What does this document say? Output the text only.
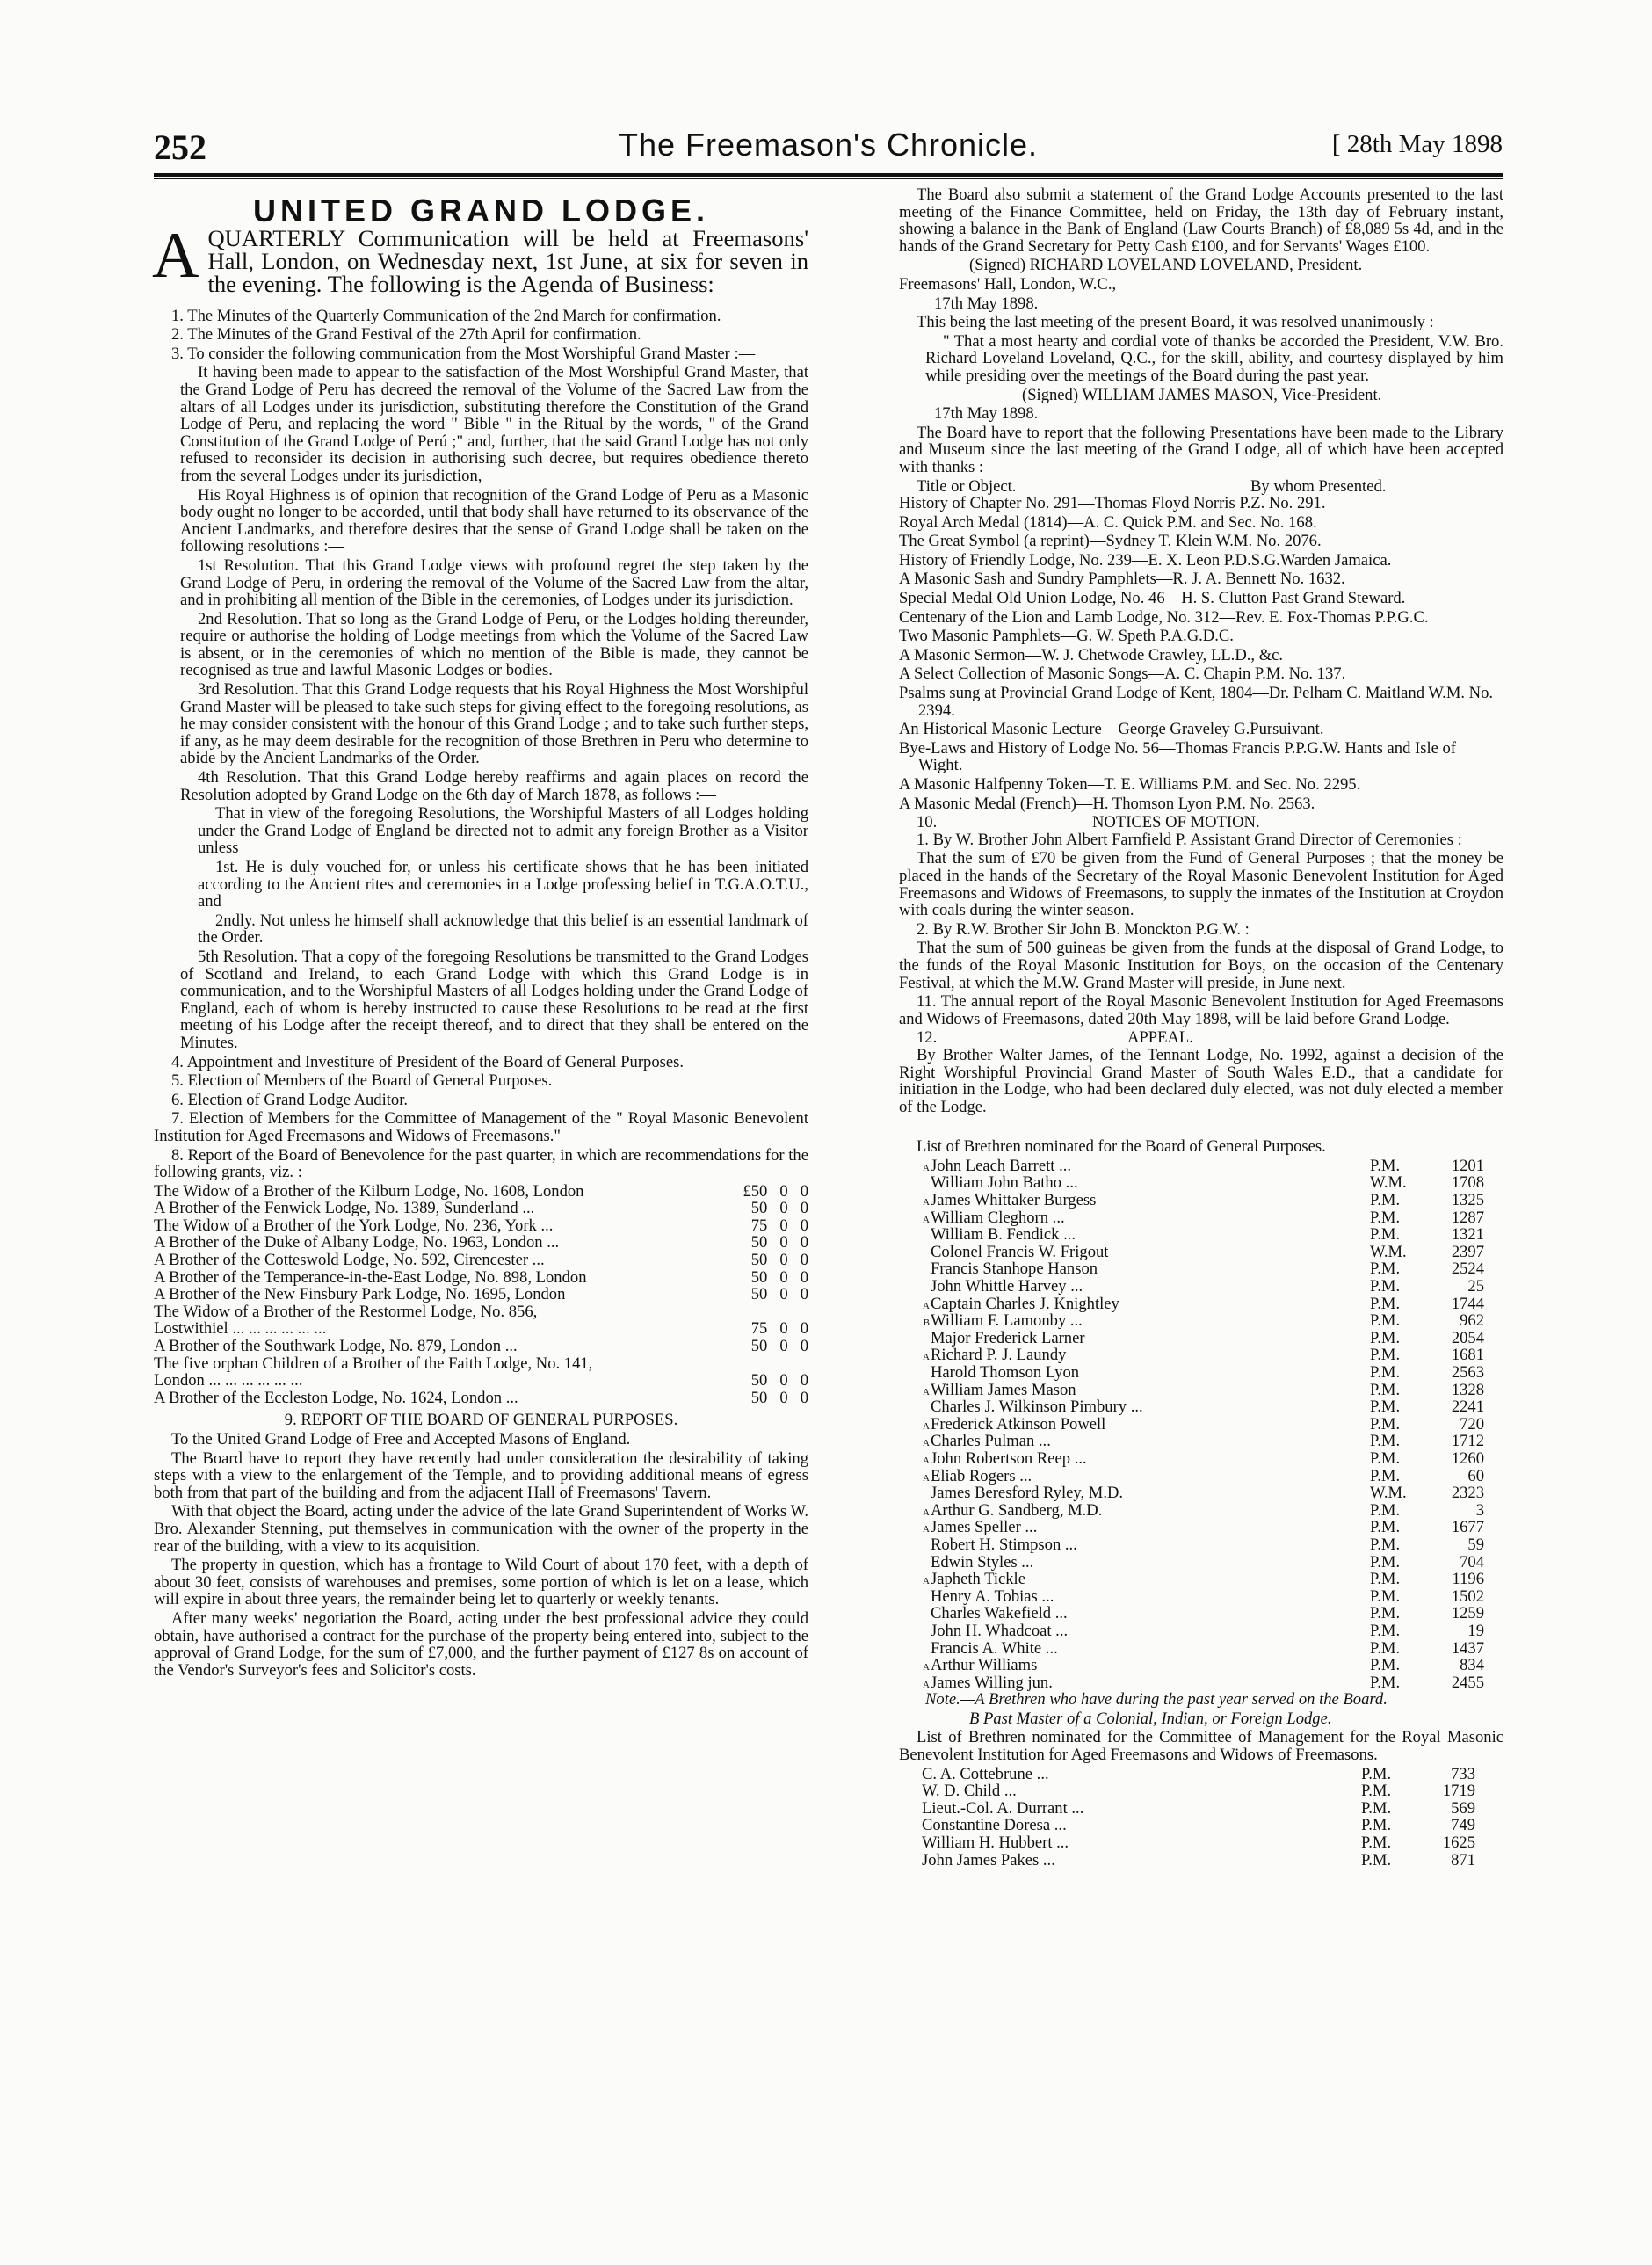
252	The Freemason's Chronicle.	[ 28th May 1898
UNITED GRAND LODGE.
AQUARTERLY Communication will be held at Freemasons' Hall, London, on Wednesday next, 1st June, at six for seven in the evening. The following is the Agenda of Business:

1. The Minutes of the Quarterly Communication of the 2nd March for confirmation.

2. The Minutes of the Grand Festival of the 27th April for confirmation.

3. To consider the following communication from the Most Worshipful Grand Master :—

It having been made to appear to the satisfaction of the Most Worshipful Grand Master, that the Grand Lodge of Peru has decreed the removal of the Volume of the Sacred Law from the altars of all Lodges under its jurisdiction, substituting therefore the Constitution of the Grand Lodge of Peru, and replacing the word " Bible " in the Ritual by the words, " of the Grand Constitution of the Grand Lodge of Perú ;" and, further, that the said Grand Lodge has not only refused to reconsider its decision in authorising such decree, but requires obedience thereto from the several Lodges under its jurisdiction,

His Royal Highness is of opinion that recognition of the Grand Lodge of Peru as a Masonic body ought no longer to be accorded, until that body shall have returned to its observance of the Ancient Landmarks, and therefore desires that the sense of Grand Lodge shall be taken on the following resolutions :—

1st Resolution. That this Grand Lodge views with profound regret the step taken by the Grand Lodge of Peru, in ordering the removal of the Volume of the Sacred Law from the altar, and in prohibiting all mention of the Bible in the ceremonies, of Lodges under its jurisdiction.

2nd Resolution. That so long as the Grand Lodge of Peru, or the Lodges holding thereunder, require or authorise the holding of Lodge meetings from which the Volume of the Sacred Law is absent, or in the ceremonies of which no mention of the Bible is made, they cannot be recognised as true and lawful Masonic Lodges or bodies.

3rd Resolution. That this Grand Lodge requests that his Royal Highness the Most Worshipful Grand Master will be pleased to take such steps for giving effect to the foregoing resolutions, as he may consider consistent with the honour of this Grand Lodge ; and to take such further steps, if any, as he may deem desirable for the recognition of those Brethren in Peru who determine to abide by the Ancient Landmarks of the Order.

4th Resolution. That this Grand Lodge hereby reaffirms and again places on record the Resolution adopted by Grand Lodge on the 6th day of March 1878, as follows :—

That in view of the foregoing Resolutions, the Worshipful Masters of all Lodges holding under the Grand Lodge of England be directed not to admit any foreign Brother as a Visitor unless

1st. He is duly vouched for, or unless his certificate shows that he has been initiated according to the Ancient rites and ceremonies in a Lodge professing belief in T.G.A.O.T.U., and

2ndly. Not unless he himself shall acknowledge that this belief is an essential landmark of the Order.

5th Resolution. That a copy of the foregoing Resolutions be transmitted to the Grand Lodges of Scotland and Ireland, to each Grand Lodge with which this Grand Lodge is in communication, and to the Worshipful Masters of all Lodges holding under the Grand Lodge of England, each of whom is hereby instructed to cause these Resolutions to be read at the first meeting of his Lodge after the receipt thereof, and to direct that they shall be entered on the Minutes.

4. Appointment and Investiture of President of the Board of General Purposes.

5. Election of Members of the Board of General Purposes.

6. Election of Grand Lodge Auditor.

7. Election of Members for the Committee of Management of the " Royal Masonic Benevolent Institution for Aged Freemasons and Widows of Freemasons."

8. Report of the Board of Benevolence for the past quarter, in which are recommendations for the following grants, viz. :

The Widow of a Brother of the Kilburn Lodge, No. 1608, London	£50 0 0
A Brother of the Fenwick Lodge, No. 1389, Sunderland ...	50 0 0
The Widow of a Brother of the York Lodge, No. 236, York ...	75 0 0
A Brother of the Duke of Albany Lodge, No. 1963, London ...	50 0 0
A Brother of the Cotteswold Lodge, No. 592, Cirencester ...	50 0 0
A Brother of the Temperance-in-the-East Lodge, No. 898, London	50 0 0
A Brother of the New Finsbury Park Lodge, No. 1695, London	50 0 0
The Widow of a Brother of the Restormel Lodge, No. 856,
Lostwithiel ... ... ... ... ... ...	75 0 0
A Brother of the Southwark Lodge, No. 879, London ...	50 0 0
The five orphan Children of a Brother of the Faith Lodge, No. 141,
London ... ... ... ... ... ...	50 0 0
A Brother of the Eccleston Lodge, No. 1624, London ...	50 0 0

9. REPORT OF THE BOARD OF GENERAL PURPOSES.

To the United Grand Lodge of Free and Accepted Masons of England.

The Board have to report they have recently had under consideration the desirability of taking steps with a view to the enlargement of the Temple, and to providing additional means of egress both from that part of the building and from the adjacent Hall of Freemasons' Tavern.

With that object the Board, acting under the advice of the late Grand Superintendent of Works W. Bro. Alexander Stenning, put themselves in communication with the owner of the property in the rear of the building, with a view to its acquisition.

The property in question, which has a frontage to Wild Court of about 170 feet, with a depth of about 30 feet, consists of warehouses and premises, some portion of which is let on a lease, which will expire in about three years, the remainder being let to quarterly or weekly tenants.

After many weeks' negotiation the Board, acting under the best professional advice they could obtain, have authorised a contract for the purchase of the property being entered into, subject to the approval of Grand Lodge, for the sum of £7,000, and the further payment of £127 8s on account of the Vendor's Surveyor's fees and Solicitor's costs.

The Board also submit a statement of the Grand Lodge Accounts presented to the last meeting of the Finance Committee, held on Friday, the 13th day of February instant, showing a balance in the Bank of England (Law Courts Branch) of £8,089 5s 4d, and in the hands of the Grand Secretary for Petty Cash £100, and for Servants' Wages £100.

(Signed) RICHARD LOVELAND LOVELAND, President.

Freemasons' Hall, London, W.C.,

17th May 1898.

This being the last meeting of the present Board, it was resolved unanimously :

" That a most hearty and cordial vote of thanks be accorded the President, V.W. Bro. Richard Loveland Loveland, Q.C., for the skill, ability, and courtesy displayed by him while presiding over the meetings of the Board during the past year.

(Signed) WILLIAM JAMES MASON, Vice-President.

17th May 1898.

The Board have to report that the following Presentations have been made to the Library and Museum since the last meeting of the Grand Lodge, all of which have been accepted with thanks :

Title or Object.	By whom Presented.

History of Chapter No. 291—Thomas Floyd Norris P.Z. No. 291.

Royal Arch Medal (1814)—A. C. Quick P.M. and Sec. No. 168.

The Great Symbol (a reprint)—Sydney T. Klein W.M. No. 2076.

History of Friendly Lodge, No. 239—E. X. Leon P.D.S.G.Warden Jamaica.

A Masonic Sash and Sundry Pamphlets—R. J. A. Bennett No. 1632.

Special Medal Old Union Lodge, No. 46—H. S. Clutton Past Grand Steward.

Centenary of the Lion and Lamb Lodge, No. 312—Rev. E. Fox-Thomas P.P.G.C.

Two Masonic Pamphlets—G. W. Speth P.A.G.D.C.

A Masonic Sermon—W. J. Chetwode Crawley, LL.D., &c.

A Select Collection of Masonic Songs—A. C. Chapin P.M. No. 137.

Psalms sung at Provincial Grand Lodge of Kent, 1804—Dr. Pelham C. Maitland W.M. No. 2394.

An Historical Masonic Lecture—George Graveley G.Pursuivant.

Bye-Laws and History of Lodge No. 56—Thomas Francis P.P.G.W. Hants and Isle of Wight.

A Masonic Halfpenny Token—T. E. Williams P.M. and Sec. No. 2295.

A Masonic Medal (French)—H. Thomson Lyon P.M. No. 2563.

10.	NOTICES OF MOTION.

1. By W. Brother John Albert Farnfield P. Assistant Grand Director of Ceremonies :

That the sum of £70 be given from the Fund of General Purposes ; that the money be placed in the hands of the Secretary of the Royal Masonic Benevolent Institution for Aged Freemasons and Widows of Freemasons, to supply the inmates of the Institution at Croydon with coals during the winter season.

2. By R.W. Brother Sir John B. Monckton P.G.W. :

That the sum of 500 guineas be given from the funds at the disposal of Grand Lodge, to the funds of the Royal Masonic Institution for Boys, on the occasion of the Centenary Festival, at which the M.W. Grand Master will preside, in June next.

11. The annual report of the Royal Masonic Benevolent Institution for Aged Freemasons and Widows of Freemasons, dated 20th May 1898, will be laid before Grand Lodge.

12.	APPEAL.

By Brother Walter James, of the Tennant Lodge, No. 1992, against a decision of the Right Worshipful Provincial Grand Master of South Wales E.D., that a candidate for initiation in the Lodge, who had been declared duly elected, was not duly elected a member of the Lodge.

List of Brethren nominated for the Board of General Purposes.

A John Leach Barrett ...	P.M.	1201
William John Batho ...	W.M.	1708
A James Whittaker Burgess	P.M.	1325
A William Cleghorn ...	P.M.	1287
William B. Fendick ...	P.M.	1321
Colonel Francis W. Frigout	W.M.	2397
Francis Stanhope Hanson	P.M.	2524
John Whittle Harvey ...	P.M.	25
A Captain Charles J. Knightley	P.M.	1744
B William F. Lamonby ...	P.M.	962
Major Frederick Larner	P.M.	2054
A Richard P. J. Laundy	P.M.	1681
Harold Thomson Lyon	P.M.	2563
A William James Mason	P.M.	1328
Charles J. Wilkinson Pimbury ...	P.M.	2241
A Frederick Atkinson Powell	P.M.	720
A Charles Pulman ...	P.M.	1712
A John Robertson Reep ...	P.M.	1260
A Eliab Rogers ...	P.M.	60
James Beresford Ryley, M.D.	W.M.	2323
A Arthur G. Sandberg, M.D.	P.M.	3
A James Speller ...	P.M.	1677
Robert H. Stimpson ...	P.M.	59
Edwin Styles ...	P.M.	704
A Japheth Tickle	P.M.	1196
Henry A. Tobias ...	P.M.	1502
Charles Wakefield ...	P.M.	1259
John H. Whadcoat ...	P.M.	19
Francis A. White ...	P.M.	1437
A Arthur Williams	P.M.	834
A James Willing jun.	P.M.	2455

Note.—A Brethren who have during the past year served on the Board.

B Past Master of a Colonial, Indian, or Foreign Lodge.

List of Brethren nominated for the Committee of Management for the Royal Masonic Benevolent Institution for Aged Freemasons and Widows of Freemasons.

C. A. Cottebrune ...	P.M.	733
W. D. Child ...	P.M.	1719
Lieut.-Col. A. Durrant ...	P.M.	569
Constantine Doresa ...	P.M.	749
William H. Hubbert ...	P.M.	1625
John James Pakes ...	P.M.	871
